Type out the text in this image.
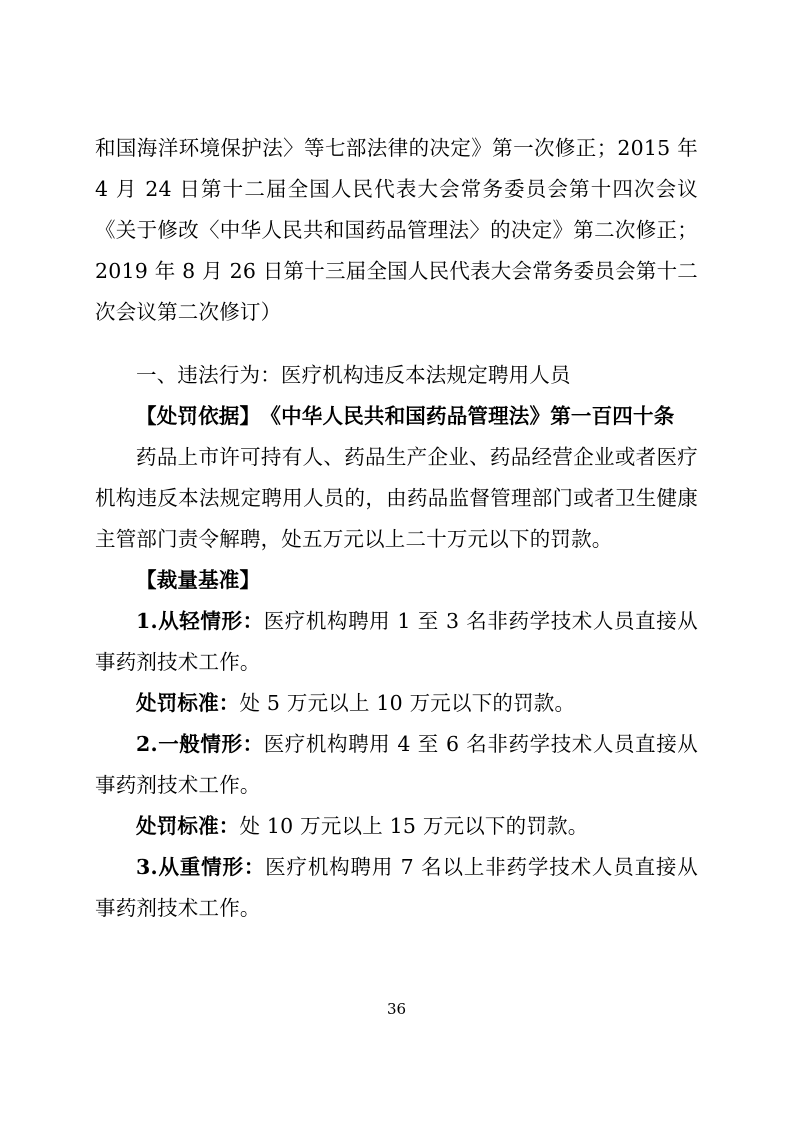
和国海洋环境保护法〉等七部法律的决定》第一次修正；2015 年 4 月 24 日第十二届全国人民代表大会常务委员会第十四次会议《关于修改〈中华人民共和国药品管理法〉的决定》第二次修正；2019 年 8 月 26 日第十三届全国人民代表大会常务委员会第十二次会议第二次修订）

一、违法行为：医疗机构违反本法规定聘用人员

【处罚依据】　《中华人民共和国药品管理法》第一百四十条

药品上市许可持有人、药品生产企业、药品经营企业或者医疗机构违反本法规定聘用人员的，由药品监督管理部门或者卫生健康主管部门责令解聘，处五万元以上二十万元以下的罚款。

【裁量基准】

1.从轻情形：医疗机构聘用 1 至 3 名非药学技术人员直接从事药剂技术工作。

处罚标准：处 5 万元以上 10 万元以下的罚款。

2.一般情形：医疗机构聘用 4 至 6 名非药学技术人员直接从事药剂技术工作。

处罚标准：处 10 万元以上 15 万元以下的罚款。

3.从重情形：医疗机构聘用 7 名以上非药学技术人员直接从事药剂技术工作。

36
